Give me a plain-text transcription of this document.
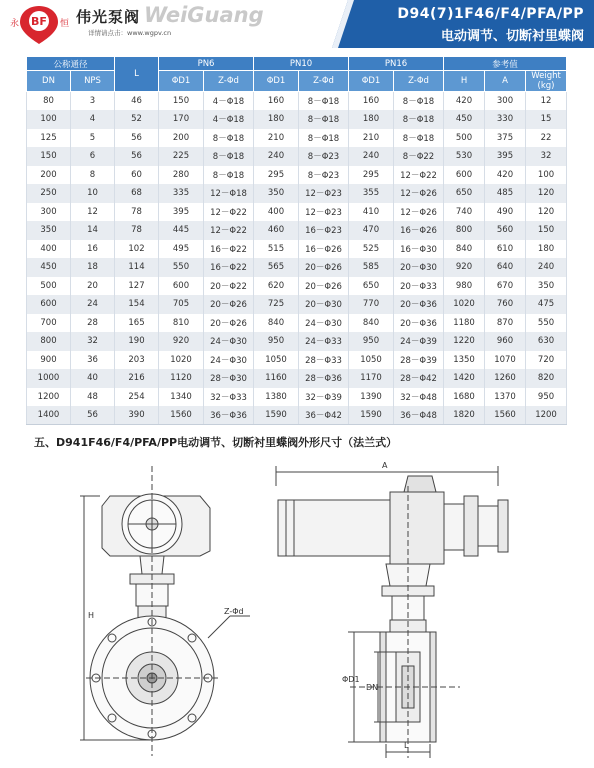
BF
永	恒 伟光泵阀 WeiGuang
详情请点击：www.wgpv.cn
D94(7)1F46/F4/PFA/PP
电动调节、切断衬里蝶阀
公称通径		L	PN6		PN10		PN16		参考值		
DN	NPS		ΦD1	Z-Φd	ΦD1	Z-Φd	ΦD1	Z-Φd	H	A	Weight (kg)
80	3	46	150	4－Φ18	160	8－Φ18	160	8－Φ18	420	300	12
100	4	52	170	4－Φ18	180	8－Φ18	180	8－Φ18	450	330	15
125	5	56	200	8－Φ18	210	8－Φ18	210	8－Φ18	500	375	22
150	6	56	225	8－Φ18	240	8－Φ23	240	8－Φ22	530	395	32
200	8	60	280	8－Φ18	295	8－Φ23	295	12－Φ22	600	420	100
250	10	68	335	12－Φ18	350	12－Φ23	355	12－Φ26	650	485	120
300	12	78	395	12－Φ22	400	12－Φ23	410	12－Φ26	740	490	120
350	14	78	445	12－Φ22	460	16－Φ23	470	16－Φ26	800	560	150
400	16	102	495	16－Φ22	515	16－Φ26	525	16－Φ30	840	610	180
450	18	114	550	16－Φ22	565	20－Φ26	585	20－Φ30	920	640	240
500	20	127	600	20－Φ22	620	20－Φ26	650	20－Φ33	980	670	350
600	24	154	705	20－Φ26	725	20－Φ30	770	20－Φ36	1020	760	475
700	28	165	810	20－Φ26	840	24－Φ30	840	20－Φ36	1180	870	550
800	32	190	920	24－Φ30	950	24－Φ33	950	24－Φ39	1220	960	630
900	36	203	1020	24－Φ30	1050	28－Φ33	1050	28－Φ39	1350	1070	720
1000	40	216	1120	28－Φ30	1160	28－Φ36	1170	28－Φ42	1420	1260	820
1200	48	254	1340	32－Φ33	1380	32－Φ39	1390	32－Φ48	1680	1370	950
1400	56	390	1560	36－Φ36	1590	36－Φ42	1590	36－Φ48	1820	1560	1200
五、D941F46/F4/PFA/PP电动调节、切断衬里蝶阀外形尺寸（法兰式）
H	Z-Φd
A
ΦD1
DN
L
